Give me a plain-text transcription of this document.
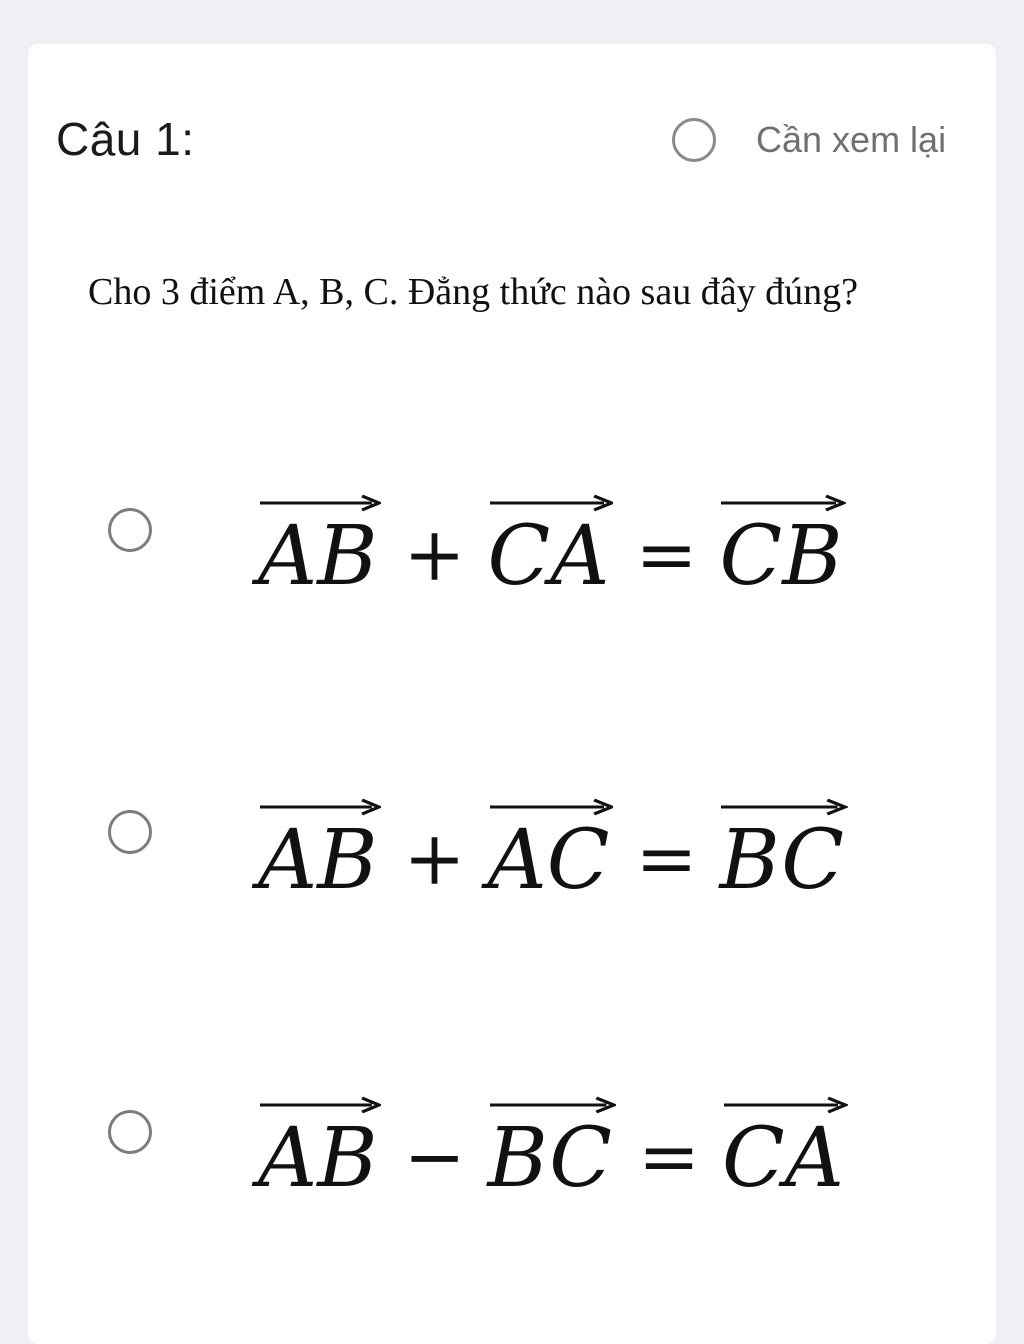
Câu 1:	Cần xem lại
Cho 3 điểm A, B, C. Đẳng thức nào sau đây đúng?
AB + CA = CB
AB + AC = BC
AB − BC = CA
